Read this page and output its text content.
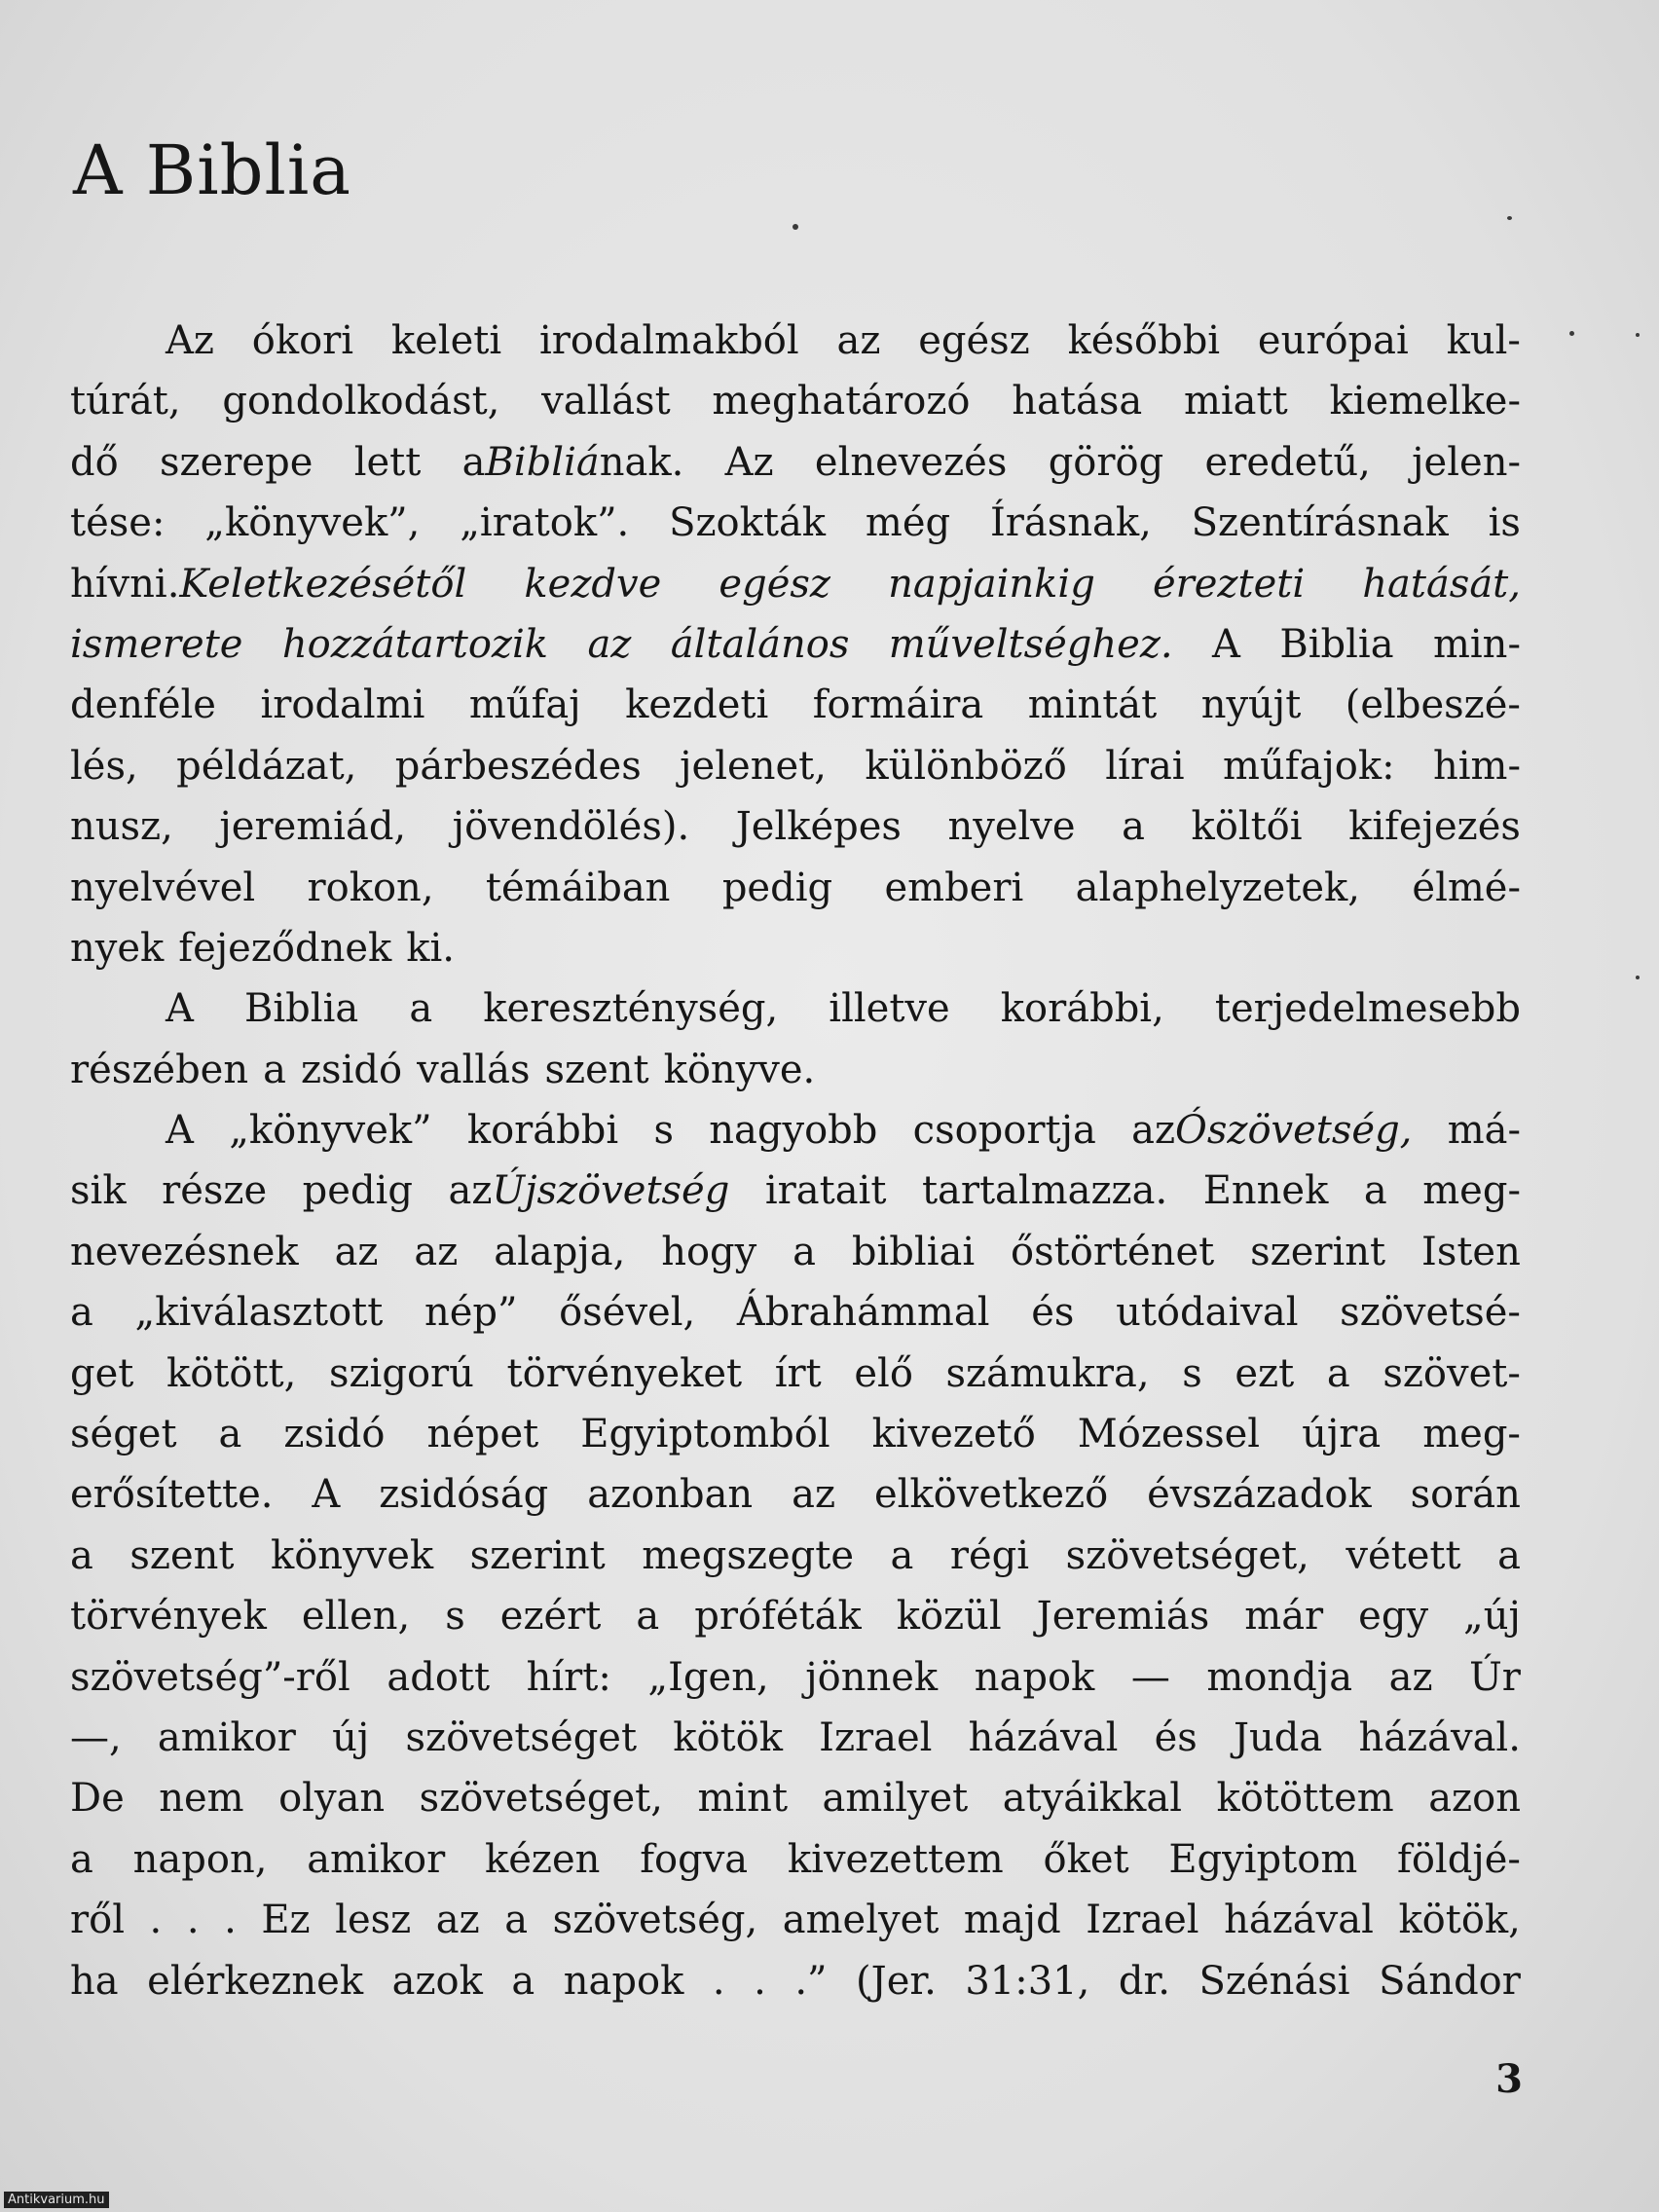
A Biblia
Az ókori keleti irodalmakból az egész későbbi európai kul-
túrát, gondolkodást, vallást meghatározó hatása miatt kiemelke-
dő szerepe lett aBibliának. Az elnevezés görög eredetű, jelen-
tése: „könyvek”, „iratok”. Szokták még Írásnak, Szentírásnak is
hívni.Keletkezésétől kezdve egész napjainkig érezteti hatását,
ismerete hozzátartozik az általános műveltséghez. A Biblia min-
denféle irodalmi műfaj kezdeti formáira mintát nyújt (elbeszé-
lés, példázat, párbeszédes jelenet, különböző lírai műfajok: him-
nusz, jeremiád, jövendölés). Jelképes nyelve a költői kifejezés
nyelvével rokon, témáiban pedig emberi alaphelyzetek, élmé-
nyek fejeződnek ki.
A Biblia a kereszténység, illetve korábbi, terjedelmesebb
részében a zsidó vallás szent könyve.
A „könyvek” korábbi s nagyobb csoportja azÓszövetség, má-
sik része pedig azÚjszövetség iratait tartalmazza. Ennek a meg-
nevezésnek az az alapja, hogy a bibliai őstörténet szerint Isten
a „kiválasztott nép” ősével, Ábrahámmal és utódaival szövetsé-
get kötött, szigorú törvényeket írt elő számukra, s ezt a szövet-
séget a zsidó népet Egyiptomból kivezető Mózessel újra meg-
erősítette. A zsidóság azonban az elkövetkező évszázadok során
a szent könyvek szerint megszegte a régi szövetséget, vétett a
törvények ellen, s ezért a próféták közül Jeremiás már egy „új
szövetség”-ről adott hírt: „Igen, jönnek napok — mondja az Úr
—, amikor új szövetséget kötök Izrael házával és Juda házával.
De nem olyan szövetséget, mint amilyet atyáikkal kötöttem azon
a napon, amikor kézen fogva kivezettem őket Egyiptom földjé-
ről . . . Ez lesz az a szövetség, amelyet majd Izrael házával kötök,
ha elérkeznek azok a napok . . .” (Jer. 31:31, dr. Szénási Sándor
3
Antikvarium.hu
